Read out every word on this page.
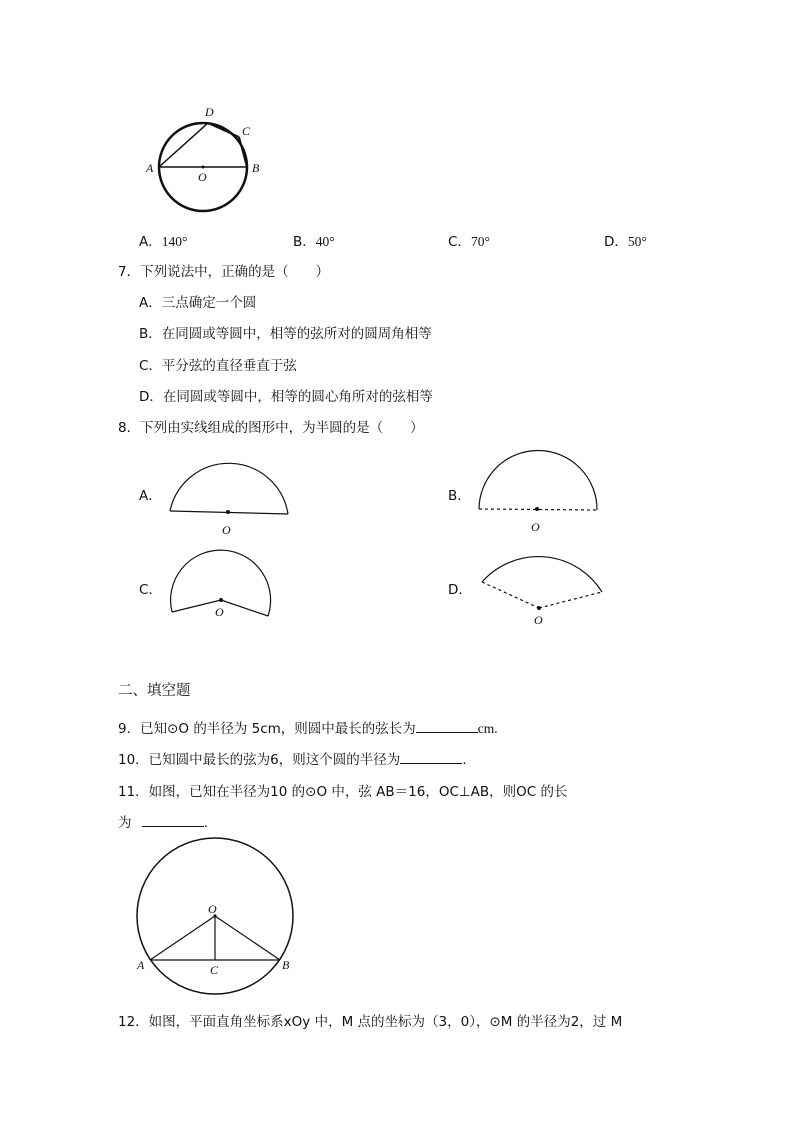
A
D
C
B
O
A．140°	B．40°	C．70°	D．50°
7．下列说法中，正确的是（　　）
A．三点确定一个圆
B．在同圆或等圆中，相等的弦所对的圆周角相等
C．平分弦的直径垂直于弦
D．在同圆或等圆中，相等的圆心角所对的弦相等
8．下列由实线组成的图形中，为半圆的是（　　）
A．
O
B．
O
C．
O
D．
O
二、填空题
9．已知⊙O 的半径为 5cm，则圆中最长的弦长为	cm.
10．已知圆中最长的弦为6，则这个圆的半径为	.
11．如图，已知在半径为10 的⊙O 中，弦 AB＝16，OC⊥AB，则OC 的长
为	.
O
A	B
C
12．如图，平面直角坐标系xOy 中，M 点的坐标为（3，0），⊙M 的半径为2，过 M
